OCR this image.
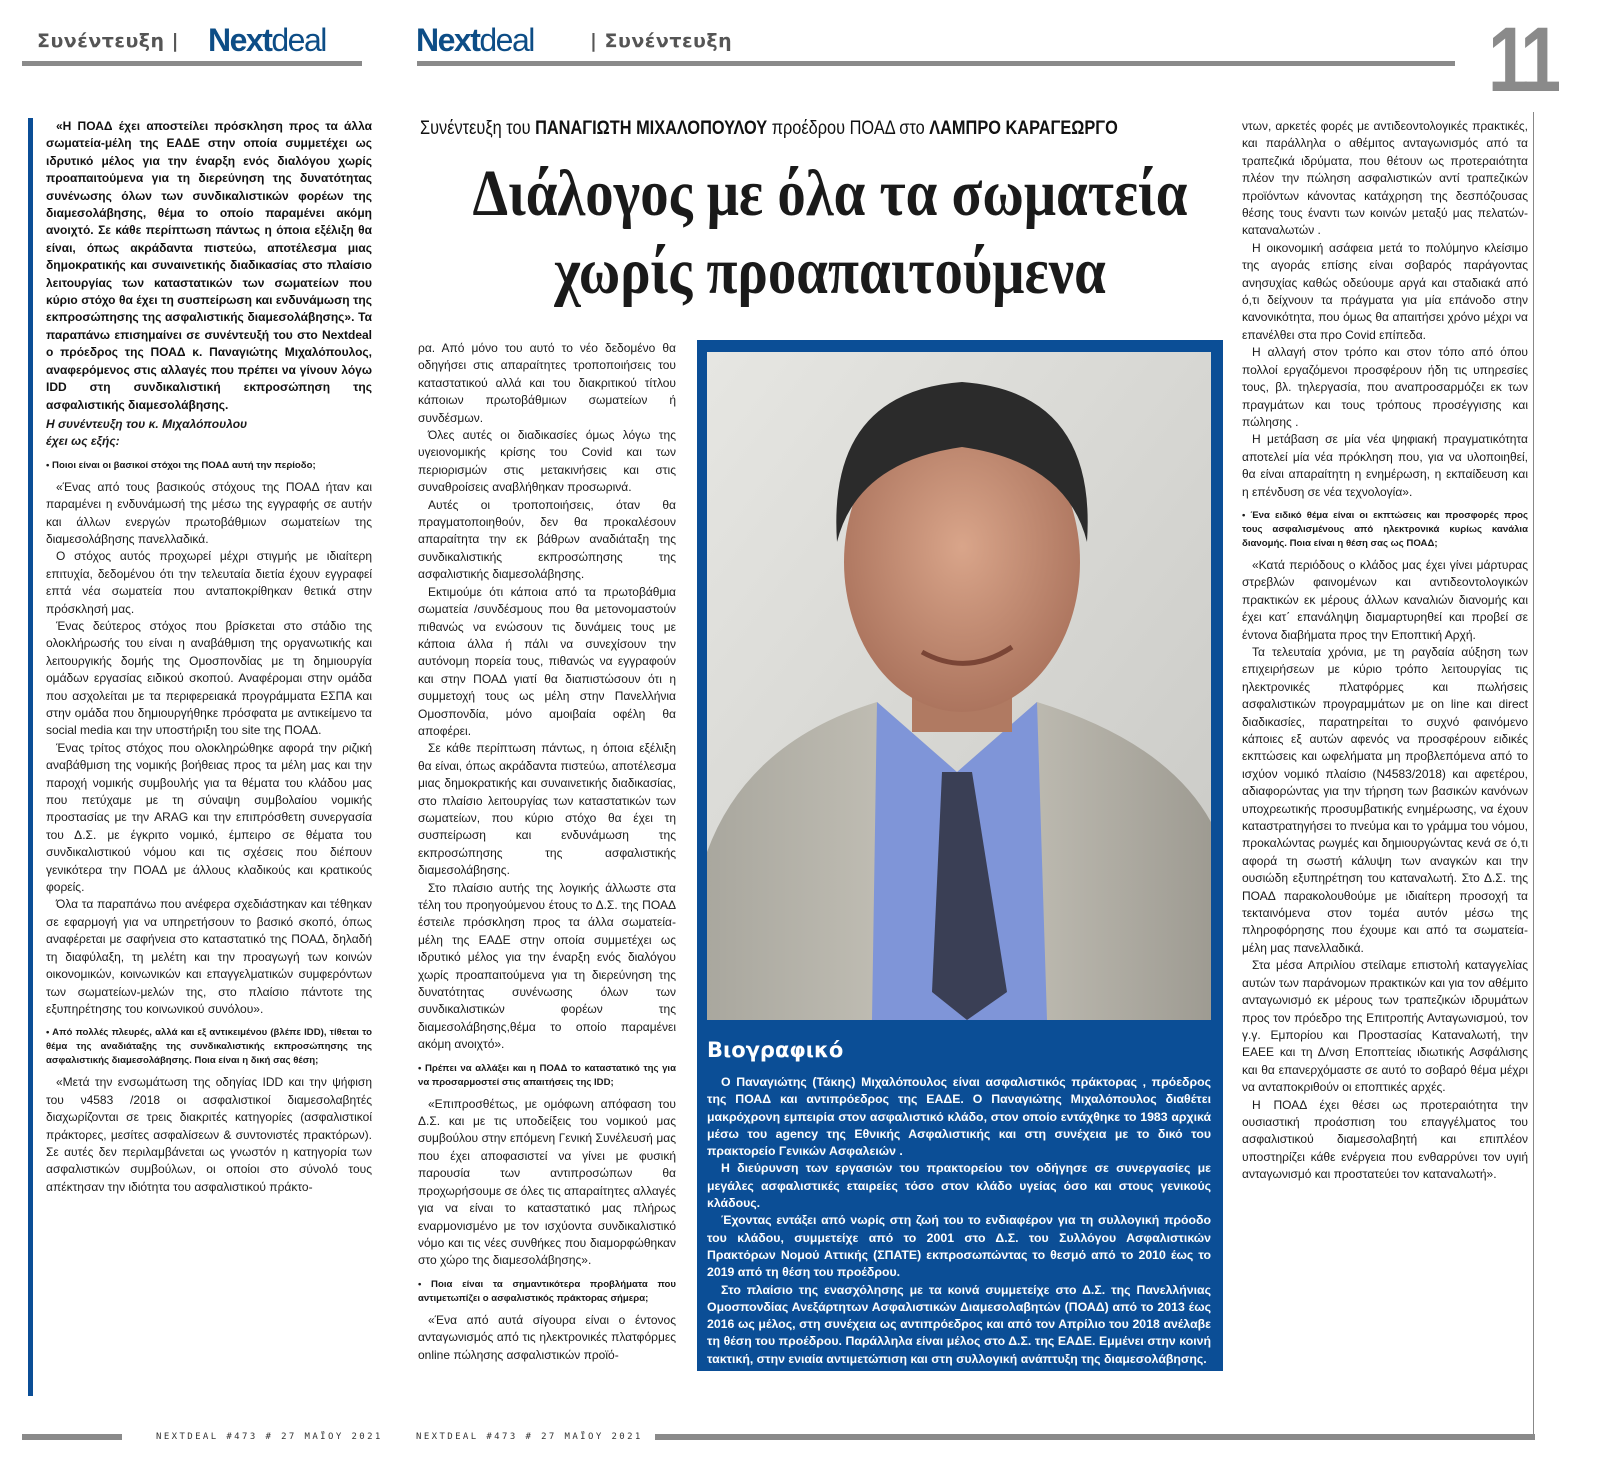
Συνέντευξη | Nextdeal	Nextdeal	| Συνέντευξη	11

«Η ΠΟΑΔ έχει αποστείλει πρόσκληση προς τα άλλα σωματεία-μέλη της ΕΑΔΕ στην οποία συμμετέχει ως ιδρυτικό μέλος για την έναρξη ενός διαλόγου χωρίς προαπαιτούμενα για τη διερεύνηση της δυνατότητας συνένωσης όλων των συνδικαλιστικών φορέων της διαμεσολάβησης, θέμα το οποίο παραμένει ακόμη ανοιχτό. Σε κάθε περίπτωση πάντως η όποια εξέλιξη θα είναι, όπως ακράδαντα πιστεύω, αποτέλεσμα μιας δημοκρατικής και συναινετικής διαδικασίας στο πλαίσιο λειτουργίας των καταστατικών των σωματείων που κύριο στόχο θα έχει τη συσπείρωση και ενδυνάμωση της εκπροσώπησης της ασφαλιστικής διαμεσολάβησης». Τα παραπάνω επισημαίνει σε συνέντευξή του στο Nextdeal ο πρόεδρος της ΠΟΑΔ κ. Παναγιώτης Μιχαλόπουλος, αναφερόμενος στις αλλαγές που πρέπει να γίνουν λόγω IDD στη συνδικαλιστική εκπροσώπηση της ασφαλιστικής διαμεσολάβησης.

Η συνέντευξη του κ. Μιχαλόπουλου

έχει ως εξής:

• Ποιοι είναι οι βασικοί στόχοι της ΠΟΑΔ αυτή την περίοδο;

«Ένας από τους βασικούς στόχους της ΠΟΑΔ ήταν και παραμένει η ενδυνάμωσή της μέσω της εγγραφής σε αυτήν και άλλων ενεργών πρωτοβάθμιων σωματείων της διαμεσολάβησης πανελλαδικά.

Ο στόχος αυτός προχωρεί μέχρι στιγμής με ιδιαίτερη επιτυχία, δεδομένου ότι την τελευταία διετία έχουν εγγραφεί επτά νέα σωματεία που ανταποκρίθηκαν θετικά στην πρόσκλησή μας.

Ένας δεύτερος στόχος που βρίσκεται στο στάδιο της ολοκλήρωσής του είναι η αναβάθμιση της οργανωτικής και λειτουργικής δομής της Ομοσπονδίας με τη δημιουργία ομάδων εργασίας ειδικού σκοπού. Αναφέρομαι στην ομάδα που ασχολείται με τα περιφερειακά προγράμματα ΕΣΠΑ και στην ομάδα που δημιουργήθηκε πρόσφατα με αντικείμενο τα social media και την υποστήριξη του site της ΠΟΑΔ.

Ένας τρίτος στόχος που ολοκληρώθηκε αφορά την ριζική αναβάθμιση της νομικής βοήθειας προς τα μέλη μας και την παροχή νομικής συμβουλής για τα θέματα του κλάδου μας που πετύχαμε με τη σύναψη συμβολαίου νομικής προστασίας με την ARAG και την επιπρόσθετη συνεργασία του Δ.Σ. με έγκριτο νομικό, έμπειρο σε θέματα του συνδικαλιστικού νόμου και τις σχέσεις που διέπουν γενικότερα την ΠΟΑΔ με άλλους κλαδικούς και κρατικούς φορείς.

Όλα τα παραπάνω που ανέφερα σχεδιάστηκαν και τέθηκαν σε εφαρμογή για να υπηρετήσουν το βασικό σκοπό, όπως αναφέρεται με σαφήνεια στο καταστατικό της ΠΟΑΔ, δηλαδή τη διαφύλαξη, τη μελέτη και την προαγωγή των κοινών οικονομικών, κοινωνικών και επαγγελματικών συμφερόντων των σωματείων-μελών της, στο πλαίσιο πάντοτε της εξυπηρέτησης του κοινωνικού συνόλου».

• Από πολλές πλευρές, αλλά και εξ αντικειμένου (βλέπε IDD), τίθεται το θέμα της αναδιάταξης της συνδικαλιστικής εκπροσώπησης της ασφαλιστικής διαμεσολάβησης. Ποια είναι η δική σας θέση;

«Μετά την ενσωμάτωση της οδηγίας IDD και την ψήφιση του ν4583 /2018 οι ασφαλιστικοί διαμεσολαβητές διαχωρίζονται σε τρεις διακριτές κατηγορίες (ασφαλιστικοί πράκτορες, μεσίτες ασφαλίσεων & συντονιστές πρακτόρων). Σε αυτές δεν περιλαμβάνεται ως γνωστόν η κατηγορία των ασφαλιστικών συμβούλων, οι οποίοι στο σύνολό τους απέκτησαν την ιδιότητα του ασφαλιστικού πράκτο-

Συνέντευξη του ΠΑΝΑΓΙΩΤΗ ΜΙΧΑΛΟΠΟΥΛΟΥ προέδρου ΠΟΑΔ στο ΛΑΜΠΡΟ ΚΑΡΑΓΕΩΡΓΟ
Διάλογος με όλα τα σωματεία
χωρίς προαπαιτούμενα

ρα. Από μόνο του αυτό το νέο δεδομένο θα οδηγήσει στις απαραίτητες τροποποιήσεις του καταστατικού αλλά και του διακριτικού τίτλου κάποιων πρωτοβάθμιων σωματείων ή συνδέσμων.

Όλες αυτές οι διαδικασίες όμως λόγω της υγειονομικής κρίσης του Covid και των περιορισμών στις μετακινήσεις και στις συναθροίσεις αναβλήθηκαν προσωρινά.

Αυτές οι τροποποιήσεις, όταν θα πραγματοποιηθούν, δεν θα προκαλέσουν απαραίτητα την εκ βάθρων αναδιάταξη της συνδικαλιστικής εκπροσώπησης της ασφαλιστικής διαμεσολάβησης.

Εκτιμούμε ότι κάποια από τα πρωτοβάθμια σωματεία /συνδέσμους που θα μετονομαστούν πιθανώς να ενώσουν τις δυνάμεις τους με κάποια άλλα ή πάλι να συνεχίσουν την αυτόνομη πορεία τους, πιθανώς να εγγραφούν και στην ΠΟΑΔ γιατί θα διαπιστώσουν ότι η συμμετοχή τους ως μέλη στην Πανελλήνια Ομοσπονδία, μόνο αμοιβαία οφέλη θα αποφέρει.

Σε κάθε περίπτωση πάντως, η όποια εξέλιξη θα είναι, όπως ακράδαντα πιστεύω, αποτέλεσμα μιας δημοκρατικής και συναινετικής διαδικασίας, στο πλαίσιο λειτουργίας των καταστατικών των σωματείων, που κύριο στόχο θα έχει τη συσπείρωση και ενδυνάμωση της εκπροσώπησης της ασφαλιστικής διαμεσολάβησης.

Στο πλαίσιο αυτής της λογικής άλλωστε στα τέλη του προηγούμενου έτους το Δ.Σ. της ΠΟΑΔ έστειλε πρόσκληση προς τα άλλα σωματεία-μέλη της ΕΑΔΕ στην οποία συμμετέχει ως ιδρυτικό μέλος για την έναρξη ενός διαλόγου χωρίς προαπαιτούμενα για τη διερεύνηση της δυνατότητας συνένωσης όλων των συνδικαλιστικών φορέων της διαμεσολάβησης,θέμα το οποίο παραμένει ακόμη ανοιχτό».

• Πρέπει να αλλάξει και η ΠΟΑΔ το καταστατικό της για να προσαρμοστεί στις απαιτήσεις της IDD;

«Επιπροσθέτως, με ομόφωνη απόφαση του Δ.Σ. και με τις υποδείξεις του νομικού μας συμβούλου στην επόμενη Γενική Συνέλευσή μας που έχει αποφασιστεί να γίνει με φυσική παρουσία των αντιπροσώπων θα προχωρήσουμε σε όλες τις απαραίτητες αλλαγές για να είναι το καταστατικό μας πλήρως εναρμονισμένο με τον ισχύοντα συνδικαλιστικό νόμο και τις νέες συνθήκες που διαμορφώθηκαν στο χώρο της διαμεσολάβησης».

• Ποια είναι τα σημαντικότερα προβλήματα που αντιμετωπίζει ο ασφαλιστικός πράκτορας σήμερα;

«Ένα από αυτά σίγουρα είναι ο έντονος ανταγωνισμός από τις ηλεκτρονικές πλατφόρμες online πώλησης ασφαλιστικών προϊό-

Βιογραφικό

Ο Παναγιώτης (Τάκης) Μιχαλόπουλος είναι ασφαλιστικός πράκτορας , πρόεδρος της ΠΟΑΔ και αντιπρόεδρος της ΕΑΔΕ. Ο Παναγιώτης Μιχαλόπουλος διαθέτει μακρόχρονη εμπειρία στον ασφαλιστικό κλάδο, στον οποίο εντάχθηκε το 1983 αρχικά μέσω του agency της Εθνικής Ασφαλιστικής και στη συνέχεια με το δικό του πρακτορείο Γενικών Ασφαλειών .

Η διεύρυνση των εργασιών του πρακτορείου τον οδήγησε σε συνεργασίες με μεγάλες ασφαλιστικές εταιρείες τόσο στον κλάδο υγείας όσο και στους γενικούς κλάδους.

Έχοντας εντάξει από νωρίς στη ζωή του το ενδιαφέρον για τη συλλογική πρόοδο του κλάδου, συμμετείχε από το 2001 στο Δ.Σ. του Συλλόγου Ασφαλιστικών Πρακτόρων Νομού Αττικής (ΣΠΑΤΕ) εκπροσωπώντας το θεσμό από το 2010 έως το 2019 από τη θέση του προέδρου.

Στο πλαίσιο της ενασχόλησης με τα κοινά συμμετείχε στο Δ.Σ. της Πανελλήνιας Ομοσπονδίας Ανεξάρτητων Ασφαλιστικών Διαμεσολαβητών (ΠΟΑΔ) από το 2013 έως 2016 ως μέλος, στη συνέχεια ως αντιπρόεδρος και από τον Απρίλιο του 2018 ανέλαβε τη θέση του προέδρου. Παράλληλα είναι μέλος στο Δ.Σ. της ΕΑΔΕ. Εμμένει στην κοινή τακτική, στην ενιαία αντιμετώπιση και στη συλλογική ανάπτυξη της διαμεσολάβησης.

ντων, αρκετές φορές με αντιδεοντολογικές πρακτικές, και παράλληλα ο αθέμιτος ανταγωνισμός από τα τραπεζικά ιδρύματα, που θέτουν ως προτεραιότητα πλέον την πώληση ασφαλιστικών αντί τραπεζικών προϊόντων κάνοντας κατάχρηση της δεσπόζουσας θέσης τους έναντι των κοινών μεταξύ μας πελατών-καταναλωτών .

Η οικονομική ασάφεια μετά το πολύμηνο κλείσιμο της αγοράς επίσης είναι σοβαρός παράγοντας ανησυχίας καθώς οδεύουμε αργά και σταδιακά από ό,τι δείχνουν τα πράγματα για μία επάνοδο στην κανονικότητα, που όμως θα απαιτήσει χρόνο μέχρι να επανέλθει στα προ Covid επίπεδα.

Η αλλαγή στον τρόπο και στον τόπο από όπου πολλοί εργαζόμενοι προσφέρουν ήδη τις υπηρεσίες τους, βλ. τηλεργασία, που αναπροσαρμόζει εκ των πραγμάτων και τους τρόπους προσέγγισης και πώλησης .

Η μετάβαση σε μία νέα ψηφιακή πραγματικότητα αποτελεί μία νέα πρόκληση που, για να υλοποιηθεί, θα είναι απαραίτητη η ενημέρωση, η εκπαίδευση και η επένδυση σε νέα τεχνολογία».

• Ένα ειδικό θέμα είναι οι εκπτώσεις και προσφορές προς τους ασφαλισμένους από ηλεκτρονικά κυρίως κανάλια διανομής. Ποια είναι η θέση σας ως ΠΟΑΔ;

«Κατά περιόδους ο κλάδος μας έχει γίνει μάρτυρας στρεβλών φαινομένων και αντιδεοντολογικών πρακτικών εκ μέρους άλλων καναλιών διανομής και έχει κατ΄ επανάληψη διαμαρτυρηθεί και προβεί σε έντονα διαβήματα προς την Εποπτική Αρχή.

Τα τελευταία χρόνια, με τη ραγδαία αύξηση των επιχειρήσεων με κύριο τρόπο λειτουργίας τις ηλεκτρονικές πλατφόρμες και πωλήσεις ασφαλιστικών προγραμμάτων με on line και direct διαδικασίες, παρατηρείται το συχνό φαινόμενο κάποιες εξ αυτών αφενός να προσφέρουν ειδικές εκπτώσεις και ωφελήματα μη προβλεπόμενα από το ισχύον νομικό πλαίσιο (Ν4583/2018) και αφετέρου, αδιαφορώντας για την τήρηση των βασικών κανόνων υποχρεωτικής προσυμβατικής ενημέρωσης, να έχουν καταστρατηγήσει το πνεύμα και το γράμμα του νόμου, προκαλώντας ρωγμές και δημιουργώντας κενά σε ό,τι αφορά τη σωστή κάλυψη των αναγκών και την ουσιώδη εξυπηρέτηση του καταναλωτή. Στο Δ.Σ. της ΠΟΑΔ παρακολουθούμε με ιδιαίτερη προσοχή τα τεκταινόμενα στον τομέα αυτόν μέσω της πληροφόρησης που έχουμε και από τα σωματεία-μέλη μας πανελλαδικά.

Στα μέσα Απριλίου στείλαμε επιστολή καταγγελίας αυτών των παράνομων πρακτικών και για τον αθέμιτο ανταγωνισμό εκ μέρους των τραπεζικών ιδρυμάτων προς τον πρόεδρο της Επιτροπής Ανταγωνισμού, τον γ.γ. Εμπορίου και Προστασίας Καταναλωτή, την ΕΑΕΕ και τη Δ/νση Εποπτείας ιδιωτικής Ασφάλισης και θα επανερχόμαστε σε αυτό το σοβαρό θέμα μέχρι να ανταποκριθούν οι εποπτικές αρχές.

Η ΠΟΑΔ έχει θέσει ως προτεραιότητα την ουσιαστική προάσπιση του επαγγέλματος του ασφαλιστικού διαμεσολαβητή και επιπλέον υποστηρίζει κάθε ενέργεια που ενθαρρύνει τον υγιή ανταγωνισμό και προστατεύει τον καταναλωτή».

NEXTDEAL #473 # 27 ΜΑΪΟΥ 2021	NEXTDEAL #473 # 27 ΜΑΪΟΥ 2021
